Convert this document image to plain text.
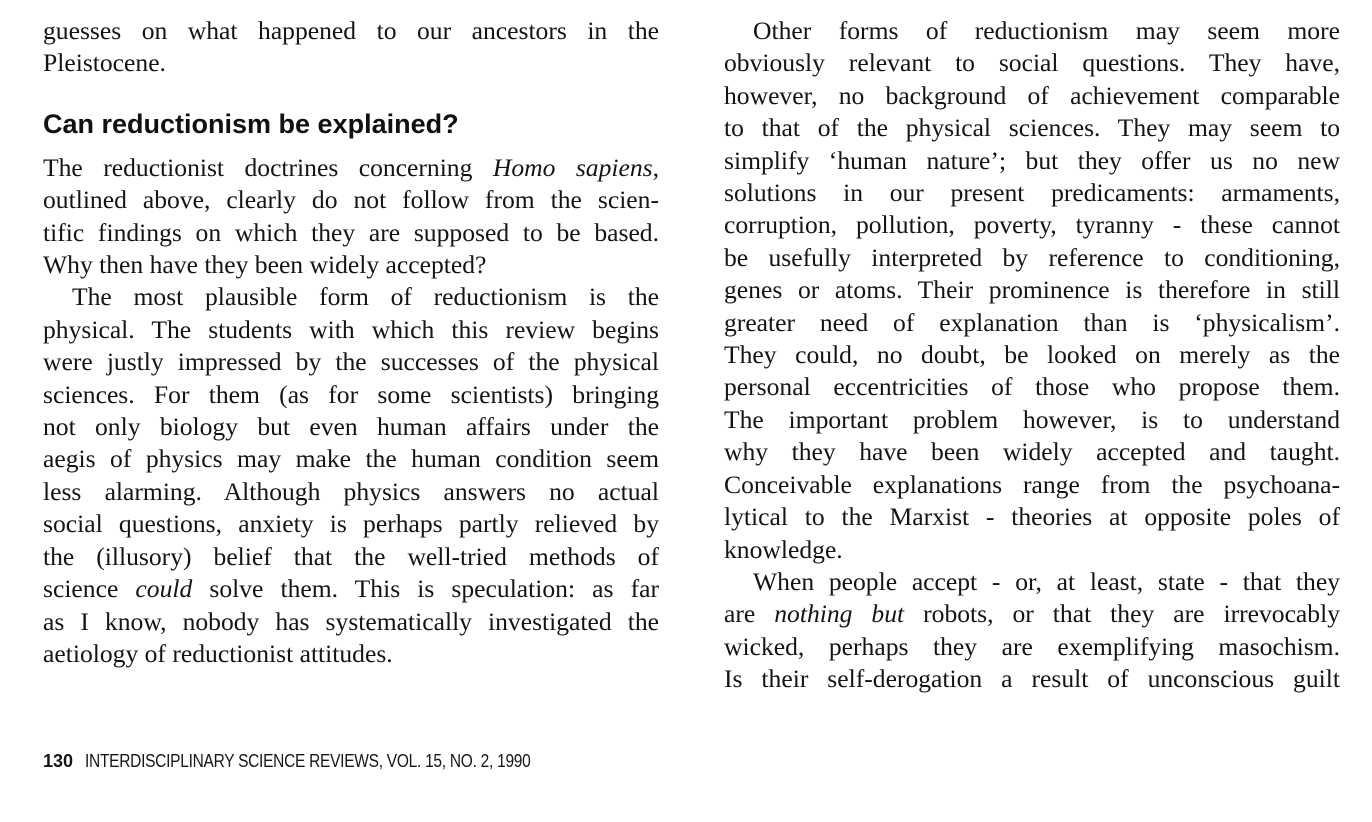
guesses on what happened to our ancestors in the
Pleistocene.
Can reductionism be explained?
The reductionist doctrines concerning Homo sapiens,
outlined above, clearly do not follow from the scien-
tific findings on which they are supposed to be based.
Why then have they been widely accepted?
The most plausible form of reductionism is the
physical. The students with which this review begins
were justly impressed by the successes of the physical
sciences. For them (as for some scientists) bringing
not only biology but even human affairs under the
aegis of physics may make the human condition seem
less alarming. Although physics answers no actual
social questions, anxiety is perhaps partly relieved by
the (illusory) belief that the well-tried methods of
science could solve them. This is speculation: as far
as I know, nobody has systematically investigated the
aetiology of reductionist attitudes.
Other forms of reductionism may seem more
obviously relevant to social questions. They have,
however, no background of achievement comparable
to that of the physical sciences. They may seem to
simplify ‘human nature’; but they offer us no new
solutions in our present predicaments: armaments,
corruption, pollution, poverty, tyranny - these cannot
be usefully interpreted by reference to conditioning,
genes or atoms. Their prominence is therefore in still
greater need of explanation than is ‘physicalism’.
They could, no doubt, be looked on merely as the
personal eccentricities of those who propose them.
The important problem however, is to understand
why they have been widely accepted and taught.
Conceivable explanations range from the psychoana-
lytical to the Marxist - theories at opposite poles of
knowledge.
When people accept - or, at least, state - that they
are nothing but robots, or that they are irrevocably
wicked, perhaps they are exemplifying masochism.
Is their self-derogation a result of unconscious guilt
130 INTERDISCIPLINARY SCIENCE REVIEWS, VOL. 15, NO. 2, 1990
